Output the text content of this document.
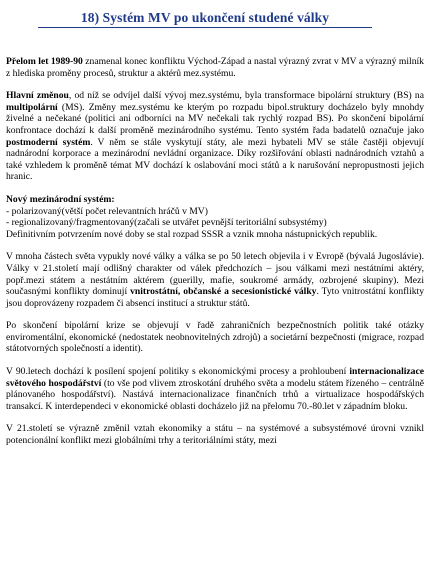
18) Systém MV po ukončení studené války

Přelom let 1989-90 znamenal konec konfliktu Východ-Západ a nastal výrazný zvrat v MV a výrazný milník z hlediska proměny procesů, struktur a aktérů mez.systému.

Hlavní změnou, od níž se odvíjel další vývoj mez.systému, byla transformace bipolární struktury (BS) na multipolární (MS). Změny mez.systému ke kterým po rozpadu bipol.struktury docházelo byly mnohdy živelné a nečekané (politici ani odborníci na MV nečekali tak rychlý rozpad BS). Po skončení bipolární konfrontace dochází k další proměně mezinárodního systému. Tento systém řada badatelů označuje jako postmoderní systém. V něm se stále vyskytují státy, ale mezi hybateli MV se stále častěji objevují nadnárodní korporace a mezinárodní nevládní organizace. Díky rozšiřování oblasti nadnárodních vztahů a také vzhledem k proměně témat MV dochází k oslabování moci států a k narušování nepropustnosti jejich hranic.

Nový mezinárodní systém:

- polarizovaný(větší počet relevantních hráčů v MV)

- regionalizovaný/fragmentovaný(začali se utvářet pevnější teritoriální subsystémy)

Definitivním potvrzením nové doby se stal rozpad SSSR a vznik mnoha nástupnických republik.

V mnoha částech světa vypukly nové války a válka se po 50 letech objevila i v Evropě (bývalá Jugoslávie). Války v 21.století mají odlišný charakter od válek předchozích – jsou válkami mezi nestátními aktéry, popř.mezi státem a nestátním aktérem (guerilly, mafie, soukromé armády, ozbrojené skupiny). Mezi současnými konflikty dominují vnitrostátní, občanské a secesionistické války. Tyto vnitrostátní konflikty jsou doprovázeny rozpadem či absencí institucí a struktur států.

Po skončení bipolární krize se objevují v řadě zahraničních bezpečnostních politik také otázky enviromentální, ekonomické (nedostatek neobnovitelných zdrojů) a societární bezpečnosti (migrace, rozpad státotvorných společností a identit).

V 90.letech dochází k posílení spojení politiky s ekonomickými procesy a prohloubení internacionalizace světového hospodářství (to vše pod vlivem ztroskotání druhého světa a modelu státem řízeného – centrálně plánovaného hospodářství). Nastává internacionalizace finančních trhů a virtualizace hospodářských transakcí. K interdependeci v ekonomické oblasti docházelo již na přelomu 70.-80.let v západním bloku.

V 21.století se výrazně změnil vztah ekonomiky a státu – na systémové a subsystémové úrovni vznikl potencionální konflikt mezi globálními trhy a teritoriálními státy, mezi
